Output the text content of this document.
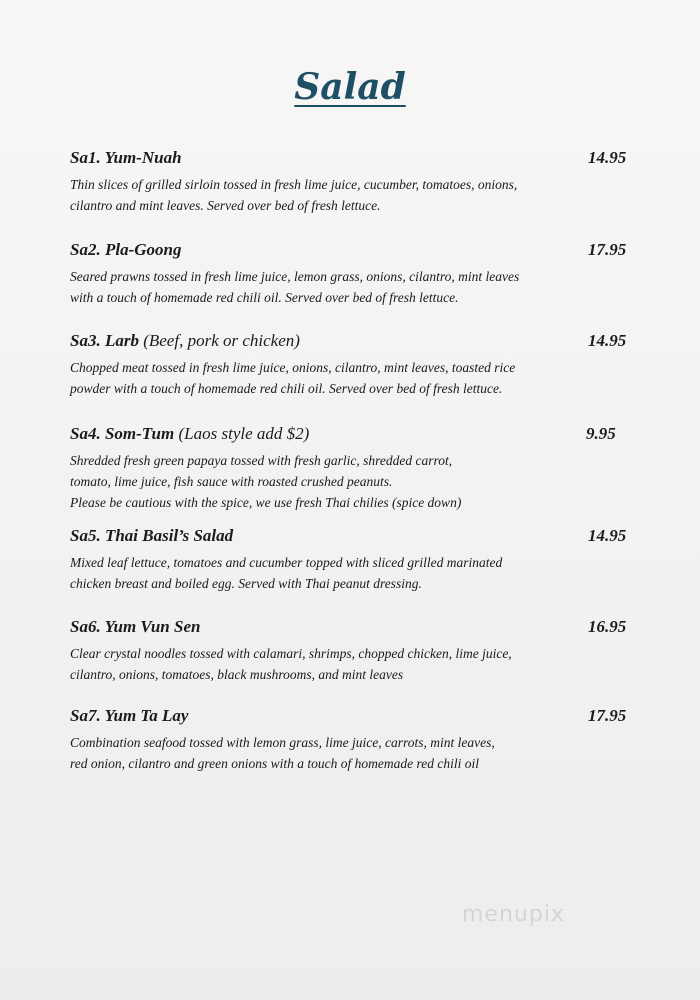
Salad
Sa1. Yum-Nuah	14.95
Thin slices of grilled sirloin tossed in fresh lime juice, cucumber, tomatoes, onions,
cilantro and mint leaves. Served over bed of fresh lettuce.
Sa2. Pla-Goong	17.95
Seared prawns tossed in fresh lime juice, lemon grass, onions, cilantro, mint leaves
with a touch of homemade red chili oil. Served over bed of fresh lettuce.
Sa3. Larb (Beef, pork or chicken)	14.95
Chopped meat tossed in fresh lime juice, onions, cilantro, mint leaves, toasted rice
powder with a touch of homemade red chili oil. Served over bed of fresh lettuce.
Sa4. Som-Tum (Laos style add $2)	9.95
Shredded fresh green papaya tossed with fresh garlic, shredded carrot,
tomato, lime juice, fish sauce with roasted crushed peanuts.
Please be cautious with the spice, we use fresh Thai chilies (spice down)
Sa5. Thai Basil’s Salad	14.95
Mixed leaf lettuce, tomatoes and cucumber topped with sliced grilled marinated
chicken breast and boiled egg. Served with Thai peanut dressing.
Sa6. Yum Vun Sen	16.95
Clear crystal noodles tossed with calamari, shrimps, chopped chicken, lime juice,
cilantro, onions, tomatoes, black mushrooms, and mint leaves
Sa7. Yum Ta Lay	17.95
Combination seafood tossed with lemon grass, lime juice, carrots, mint leaves,
red onion, cilantro and green onions with a touch of homemade red chili oil
menupix
